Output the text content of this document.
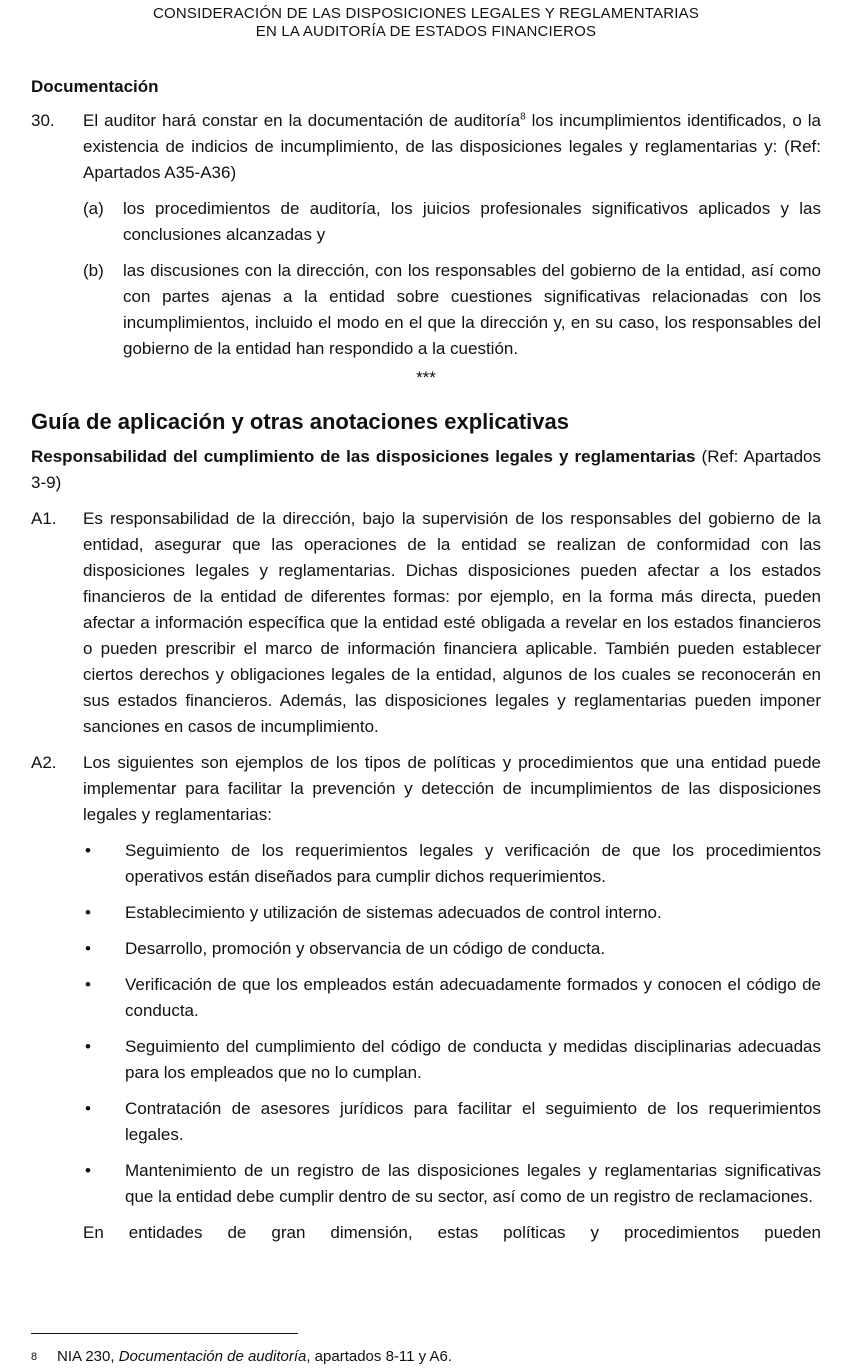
CONSIDERACIÓN DE LAS DISPOSICIONES LEGALES Y REGLAMENTARIAS
EN LA AUDITORÍA DE ESTADOS FINANCIEROS
Documentación
30.	El auditor hará constar en la documentación de auditoría$^8$ los incumplimientos identificados, o la existencia de indicios de incumplimiento, de las disposiciones legales y reglamentarias y: (Ref: Apartados A35-A36)
(a)	los procedimientos de auditoría, los juicios profesionales significativos aplicados y las conclusiones alcanzadas y
(b)	las discusiones con la dirección, con los responsables del gobierno de la entidad, así como con partes ajenas a la entidad sobre cuestiones significativas relacionadas con los incumplimientos, incluido el modo en el que la dirección y, en su caso, los responsables del gobierno de la entidad han respondido a la cuestión.
***
Guía de aplicación y otras anotaciones explicativas
Responsabilidad del cumplimiento de las disposiciones legales y reglamentarias (Ref: Apartados 3-9)
A1.	Es responsabilidad de la dirección, bajo la supervisión de los responsables del gobierno de la entidad, asegurar que las operaciones de la entidad se realizan de conformidad con las disposiciones legales y reglamentarias. Dichas disposiciones pueden afectar a los estados financieros de la entidad de diferentes formas: por ejemplo, en la forma más directa, pueden afectar a información específica que la entidad esté obligada a revelar en los estados financieros o pueden prescribir el marco de información financiera aplicable. También pueden establecer ciertos derechos y obligaciones legales de la entidad, algunos de los cuales se reconocerán en sus estados financieros. Además, las disposiciones legales y reglamentarias pueden imponer sanciones en casos de incumplimiento.
A2.	Los siguientes son ejemplos de los tipos de políticas y procedimientos que una entidad puede implementar para facilitar la prevención y detección de incumplimientos de las disposiciones legales y reglamentarias:
•	Seguimiento de los requerimientos legales y verificación de que los procedimientos operativos están diseñados para cumplir dichos requerimientos.
•	Establecimiento y utilización de sistemas adecuados de control interno.
•	Desarrollo, promoción y observancia de un código de conducta.
•	Verificación de que los empleados están adecuadamente formados y conocen el código de conducta.
•	Seguimiento del cumplimiento del código de conducta y medidas disciplinarias adecuadas para los empleados que no lo cumplan.
•	Contratación de asesores jurídicos para facilitar el seguimiento de los requerimientos legales.
•	Mantenimiento de un registro de las disposiciones legales y reglamentarias significativas que la entidad debe cumplir dentro de su sector, así como de un registro de reclamaciones.
En entidades de gran dimensión, estas políticas y procedimientos pueden
8	NIA 230, Documentación de auditoría, apartados 8-11 y A6.
